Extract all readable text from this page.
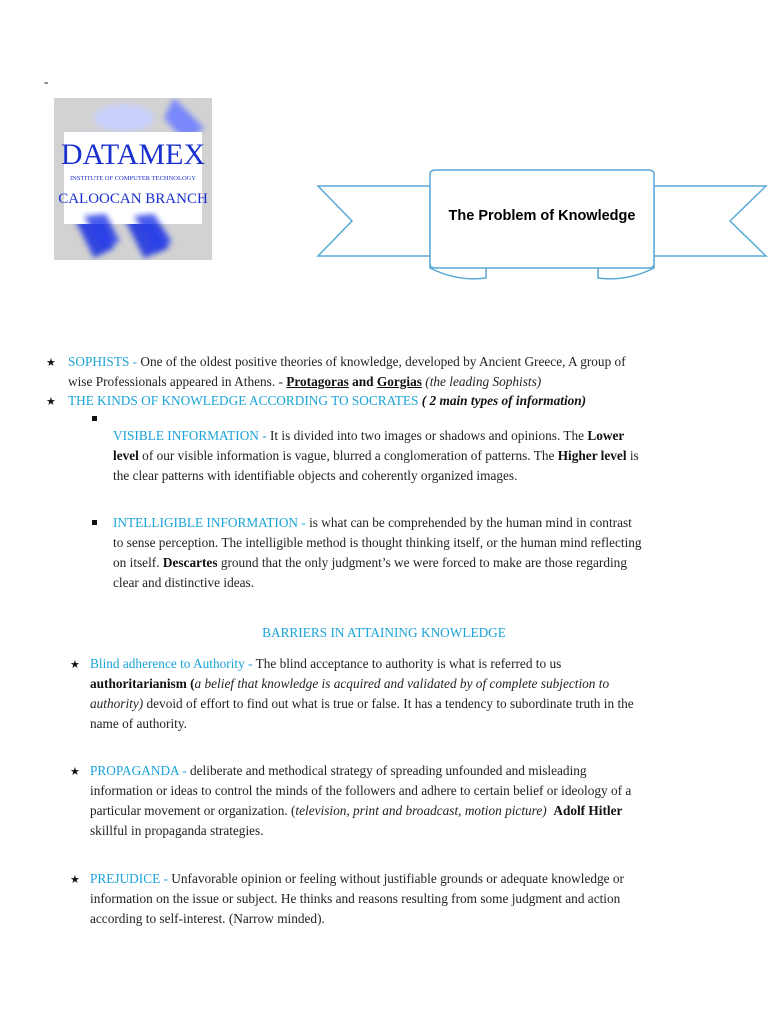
-
DATAMEX
INSTITUTE OF COMPUTER TECHNOLOGY
CALOOCAN BRANCH
The Problem of Knowledge
★ SOPHISTS - One of the oldest positive theories of knowledge, developed by Ancient Greece, A group of
wise Professionals appeared in Athens. - Protagoras and Gorgias (the leading Sophists)
★ THE KINDS OF KNOWLEDGE ACCORDING TO SOCRATES ( 2 main types of information)
VISIBLE INFORMATION - It is divided into two images or shadows and opinions. The Lower
level of our visible information is vague, blurred a conglomeration of patterns. The Higher level is
the clear patterns with identifiable objects and coherently organized images.
INTELLIGIBLE INFORMATION - is what can be comprehended by the human mind in contrast
to sense perception. The intelligible method is thought thinking itself, or the human mind reflecting
on itself. Descartes ground that the only judgment’s we were forced to make are those regarding
clear and distinctive ideas.
BARRIERS IN ATTAINING KNOWLEDGE
★ Blind adherence to Authority - The blind acceptance to authority is what is referred to us
authoritarianism (a belief that knowledge is acquired and validated by of complete subjection to
authority) devoid of effort to find out what is true or false. It has a tendency to subordinate truth in the
name of authority.
★ PROPAGANDA - deliberate and methodical strategy of spreading unfounded and misleading
information or ideas to control the minds of the followers and adhere to certain belief or ideology of a
particular movement or organization. (television, print and broadcast, motion picture) Adolf Hitler
skillful in propaganda strategies.
★ PREJUDICE - Unfavorable opinion or feeling without justifiable grounds or adequate knowledge or
information on the issue or subject. He thinks and reasons resulting from some judgment and action
according to self-interest. (Narrow minded).
